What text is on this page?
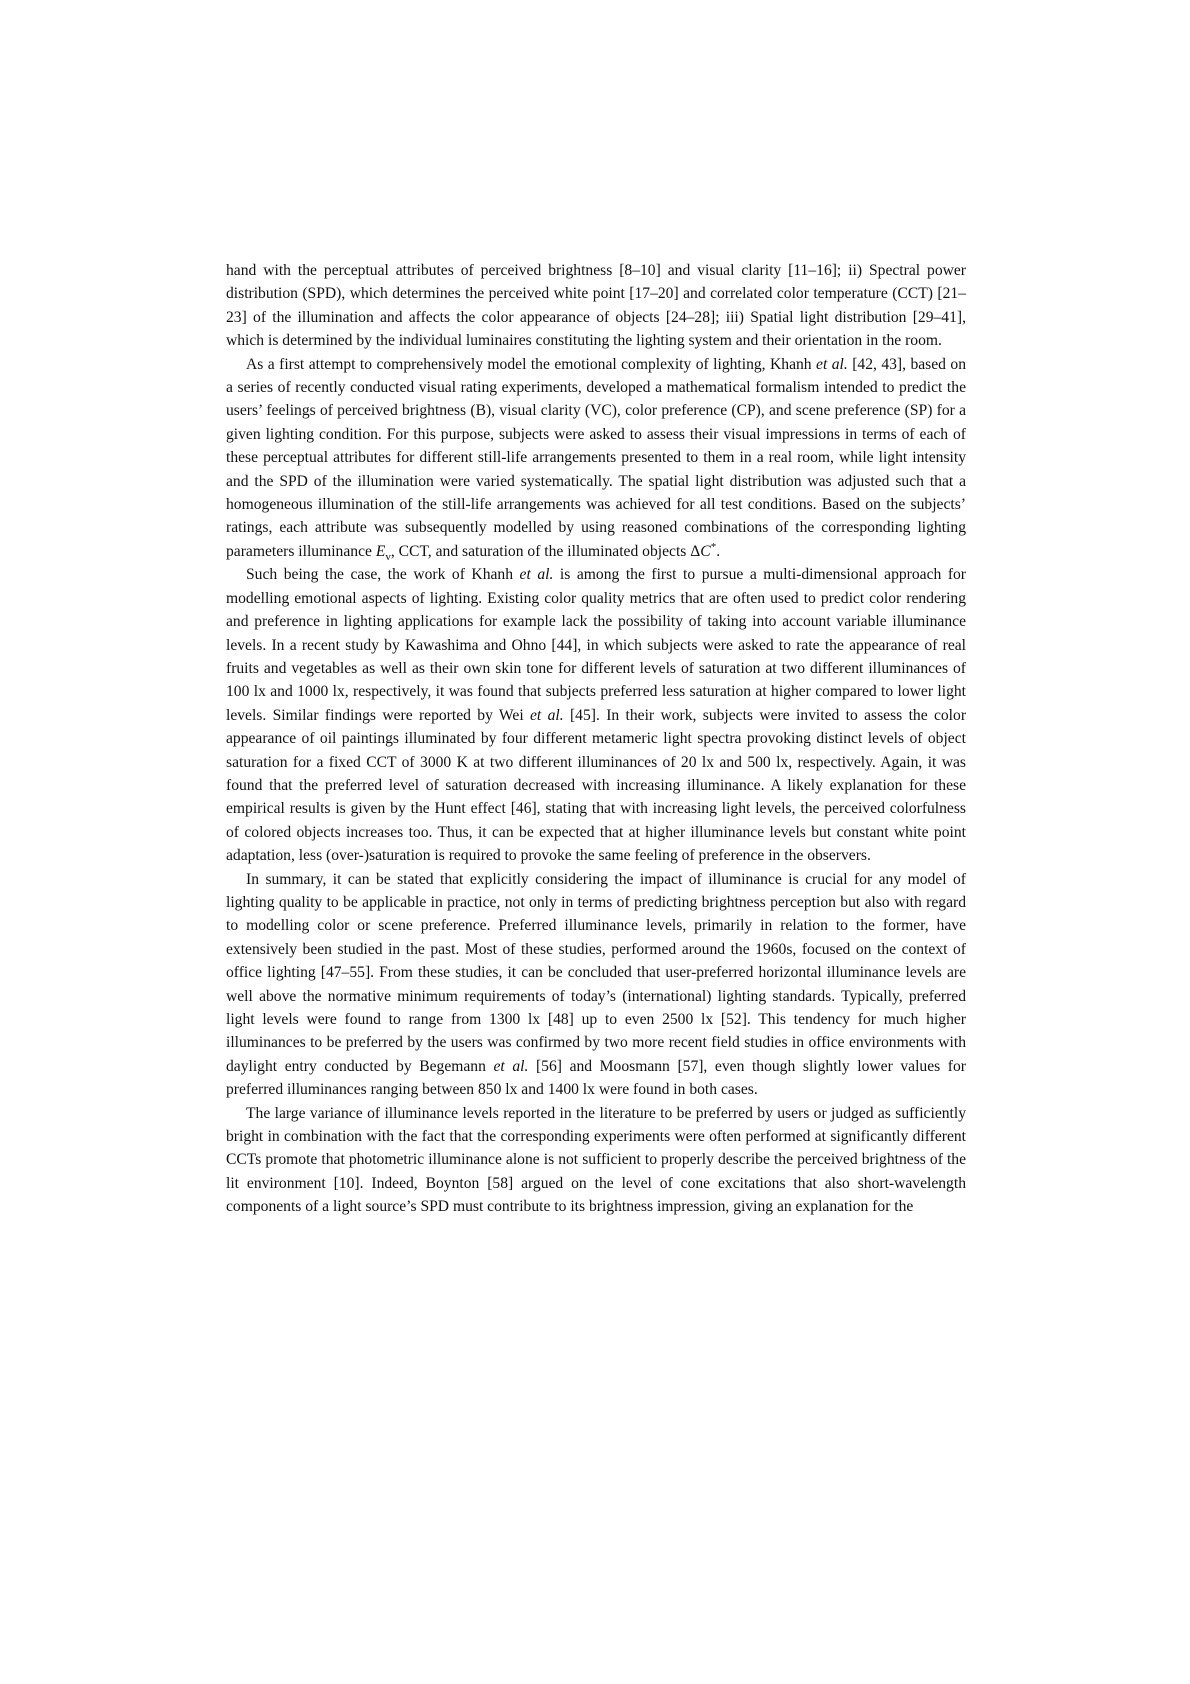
hand with the perceptual attributes of perceived brightness [8–10] and visual clarity [11–16]; ii) Spectral power distribution (SPD), which determines the perceived white point [17–20] and correlated color temperature (CCT) [21–23] of the illumination and affects the color appearance of objects [24–28]; iii) Spatial light distribution [29–41], which is determined by the individual luminaires constituting the lighting system and their orientation in the room.

As a first attempt to comprehensively model the emotional complexity of lighting, Khanh et al. [42, 43], based on a series of recently conducted visual rating experiments, developed a mathematical formalism intended to predict the users’ feelings of perceived brightness (B), visual clarity (VC), color preference (CP), and scene preference (SP) for a given lighting condition. For this purpose, subjects were asked to assess their visual impressions in terms of each of these perceptual attributes for different still-life arrangements presented to them in a real room, while light intensity and the SPD of the illumination were varied systematically. The spatial light distribution was adjusted such that a homogeneous illumination of the still-life arrangements was achieved for all test conditions. Based on the subjects’ ratings, each attribute was subsequently modelled by using reasoned combinations of the corresponding lighting parameters illuminance $E_v$, CCT, and saturation of the illuminated objects ΔC*.

Such being the case, the work of Khanh et al. is among the first to pursue a multi-dimensional approach for modelling emotional aspects of lighting. Existing color quality metrics that are often used to predict color rendering and preference in lighting applications for example lack the possibility of taking into account variable illuminance levels. In a recent study by Kawashima and Ohno [44], in which subjects were asked to rate the appearance of real fruits and vegetables as well as their own skin tone for different levels of saturation at two different illuminances of 100 lx and 1000 lx, respectively, it was found that subjects preferred less saturation at higher compared to lower light levels. Similar findings were reported by Wei et al. [45]. In their work, subjects were invited to assess the color appearance of oil paintings illuminated by four different metameric light spectra provoking distinct levels of object saturation for a fixed CCT of 3000 K at two different illuminances of 20 lx and 500 lx, respectively. Again, it was found that the preferred level of saturation decreased with increasing illuminance. A likely explanation for these empirical results is given by the Hunt effect [46], stating that with increasing light levels, the perceived colorfulness of colored objects increases too. Thus, it can be expected that at higher illuminance levels but constant white point adaptation, less (over-)saturation is required to provoke the same feeling of preference in the observers.

In summary, it can be stated that explicitly considering the impact of illuminance is crucial for any model of lighting quality to be applicable in practice, not only in terms of predicting brightness perception but also with regard to modelling color or scene preference. Preferred illuminance levels, primarily in relation to the former, have extensively been studied in the past. Most of these studies, performed around the 1960s, focused on the context of office lighting [47–55]. From these studies, it can be concluded that user-preferred horizontal illuminance levels are well above the normative minimum requirements of today’s (international) lighting standards. Typically, preferred light levels were found to range from 1300 lx [48] up to even 2500 lx [52]. This tendency for much higher illuminances to be preferred by the users was confirmed by two more recent field studies in office environments with daylight entry conducted by Begemann et al. [56] and Moosmann [57], even though slightly lower values for preferred illuminances ranging between 850 lx and 1400 lx were found in both cases.

The large variance of illuminance levels reported in the literature to be preferred by users or judged as sufficiently bright in combination with the fact that the corresponding experiments were often performed at significantly different CCTs promote that photometric illuminance alone is not sufficient to properly describe the perceived brightness of the lit environment [10]. Indeed, Boynton [58] argued on the level of cone excitations that also short-wavelength components of a light source’s SPD must contribute to its brightness impression, giving an explanation for the
